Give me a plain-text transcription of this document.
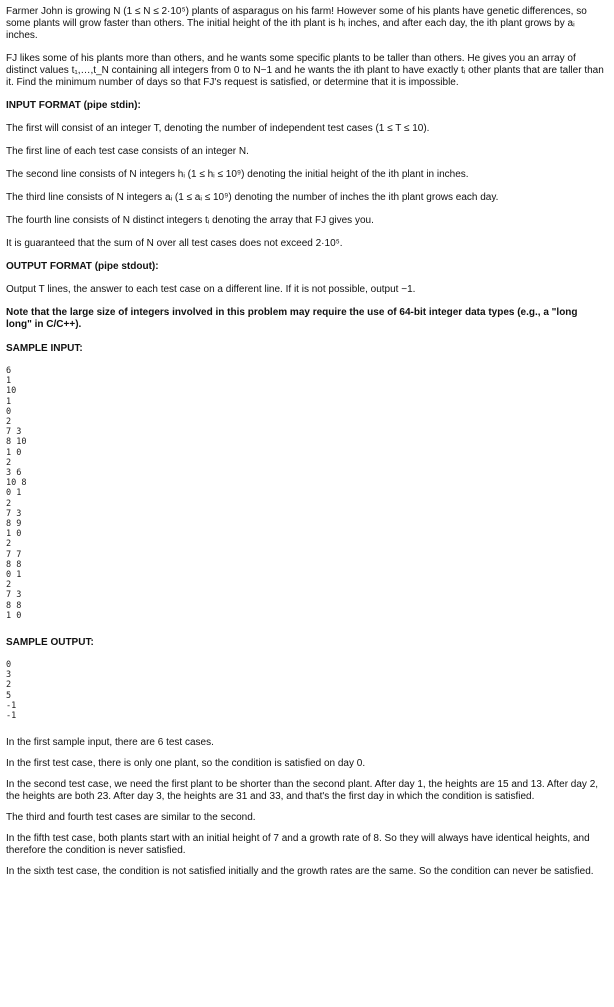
Farmer John is growing N (1 ≤ N ≤ 2·10⁵) plants of asparagus on his farm! However some of his plants have genetic differences, so some plants will grow faster than others. The initial height of the ith plant is hᵢ inches, and after each day, the ith plant grows by aᵢ inches.

FJ likes some of his plants more than others, and he wants some specific plants to be taller than others. He gives you an array of distinct values t₁,…,t_N containing all integers from 0 to N−1 and he wants the ith plant to have exactly tᵢ other plants that are taller than it. Find the minimum number of days so that FJ's request is satisfied, or determine that it is impossible.

INPUT FORMAT (pipe stdin):

The first will consist of an integer T, denoting the number of independent test cases (1 ≤ T ≤ 10).

The first line of each test case consists of an integer N.

The second line consists of N integers hᵢ (1 ≤ hᵢ ≤ 10⁹) denoting the initial height of the ith plant in inches.

The third line consists of N integers aᵢ (1 ≤ aᵢ ≤ 10⁹) denoting the number of inches the ith plant grows each day.

The fourth line consists of N distinct integers tᵢ denoting the array that FJ gives you.

It is guaranteed that the sum of N over all test cases does not exceed 2·10⁵.

OUTPUT FORMAT (pipe stdout):

Output T lines, the answer to each test case on a different line. If it is not possible, output −1.

Note that the large size of integers involved in this problem may require the use of 64-bit integer data types (e.g., a "long long" in C/C++).

SAMPLE INPUT:
6
1
10
1
0
2
7 3
8 10
1 0
2
3 6
10 8
0 1
2
7 3
8 9
1 0
2
7 7
8 8
0 1
2
7 3
8 8
1 0
SAMPLE OUTPUT:
0
3
2
5
-1
-1

In the first sample input, there are 6 test cases.

In the first test case, there is only one plant, so the condition is satisfied on day 0.

In the second test case, we need the first plant to be shorter than the second plant. After day 1, the heights are 15 and 13. After day 2, the heights are both 23. After day 3, the heights are 31 and 33, and that's the first day in which the condition is satisfied.

The third and fourth test cases are similar to the second.

In the fifth test case, both plants start with an initial height of 7 and a growth rate of 8. So they will always have identical heights, and therefore the condition is never satisfied.

In the sixth test case, the condition is not satisfied initially and the growth rates are the same. So the condition can never be satisfied.
